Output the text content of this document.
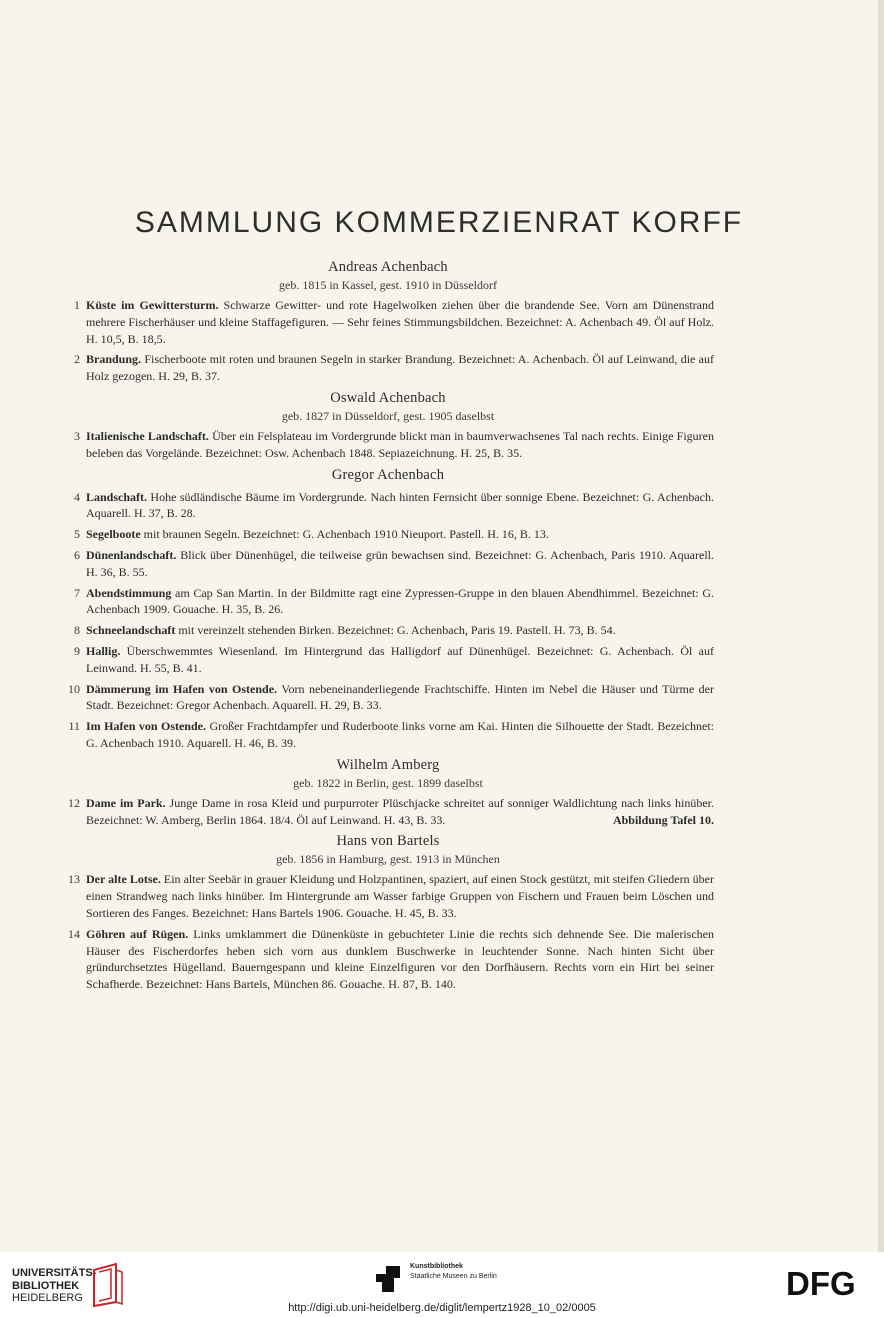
SAMMLUNG KOMMERZIENRAT KORFF
Andreas Achenbach
geb. 1815 in Kassel, gest. 1910 in Düsseldorf
1 Küste im Gewittersturm. Schwarze Gewitter- und rote Hagelwolken ziehen über die brandende See. Vorn am Dünenstrand mehrere Fischerhäuser und kleine Staffagefiguren. — Sehr feines Stimmungsbildchen. Bezeichnet: A. Achenbach 49. Öl auf Holz. H. 10,5, B. 18,5.
2 Brandung. Fischerboote mit roten und braunen Segeln in starker Brandung. Bezeichnet: A. Achenbach. Öl auf Leinwand, die auf Holz gezogen. H. 29, B. 37.
Oswald Achenbach
geb. 1827 in Düsseldorf, gest. 1905 daselbst
3 Italienische Landschaft. Über ein Felsplateau im Vordergrunde blickt man in baumverwachsenes Tal nach rechts. Einige Figuren beleben das Vorgelände. Bezeichnet: Osw. Achenbach 1848. Sepiazeichnung. H. 25, B. 35.
Gregor Achenbach
4 Landschaft. Hohe südländische Bäume im Vordergrunde. Nach hinten Fernsicht über sonnige Ebene. Bezeichnet: G. Achenbach. Aquarell. H. 37, B. 28.
5 Segelboote mit braunen Segeln. Bezeichnet: G. Achenbach 1910 Nieuport. Pastell. H. 16, B. 13.
6 Dünenlandschaft. Blick über Dünenhügel, die teilweise grün bewachsen sind. Bezeichnet: G. Achenbach, Paris 1910. Aquarell. H. 36, B. 55.
7 Abendstimmung am Cap San Martin. In der Bildmitte ragt eine Zypressen-Gruppe in den blauen Abendhimmel. Bezeichnet: G. Achenbach 1909. Gouache. H. 35, B. 26.
8 Schneelandschaft mit vereinzelt stehenden Birken. Bezeichnet: G. Achenbach, Paris 19. Pastell. H. 73, B. 54.
9 Hallig. Überschwemmtes Wiesenland. Im Hintergrund das Halligdorf auf Dünenhügel. Bezeichnet: G. Achenbach. Öl auf Leinwand. H. 55, B. 41.
10 Dämmerung im Hafen von Ostende. Vorn nebeneinanderliegende Frachtschiffe. Hinten im Nebel die Häuser und Türme der Stadt. Bezeichnet: Gregor Achenbach. Aquarell. H. 29, B. 33.
11 Im Hafen von Ostende. Großer Frachtdampfer und Ruderboote links vorne am Kai. Hinten die Silhouette der Stadt. Bezeichnet: G. Achenbach 1910. Aquarell. H. 46, B. 39.
Wilhelm Amberg
geb. 1822 in Berlin, gest. 1899 daselbst
12 Dame im Park. Junge Dame in rosa Kleid und purpurroter Plüschjacke schreitet auf sonniger Waldlichtung nach links hinüber. Bezeichnet: W. Amberg, Berlin 1864. 18/4. Öl auf Leinwand. H. 43, B. 33.	Abbildung Tafel 10.
Hans von Bartels
geb. 1856 in Hamburg, gest. 1913 in München
13 Der alte Lotse. Ein alter Seebär in grauer Kleidung und Holzpantinen, spaziert, auf einen Stock gestützt, mit steifen Gliedern über einen Strandweg nach links hinüber. Im Hintergrunde am Wasser farbige Gruppen von Fischern und Frauen beim Löschen und Sortieren des Fanges. Bezeichnet: Hans Bartels 1906. Gouache. H. 45, B. 33.
14 Göhren auf Rügen. Links umklammert die Dünenküste in gebuchteter Linie die rechts sich dehnende See. Die malerischen Häuser des Fischerdorfes heben sich vorn aus dunklem Buschwerke in leuchtender Sonne. Nach hinten Sicht über gründurchsetztes Hügelland. Bauerngespann und kleine Einzelfiguren vor den Dorfhäusern. Rechts vorn ein Hirt bei seiner Schafherde. Bezeichnet: Hans Bartels, München 86. Gouache. H. 87, B. 140.
UNIVERSITÄTS-
BIBLIOTHEK
HEIDELBERG
Kunstbibliothek
Staatliche Museen zu Berlin	DFG
http://digi.ub.uni-heidelberg.de/diglit/lempertz1928_10_02/0005
